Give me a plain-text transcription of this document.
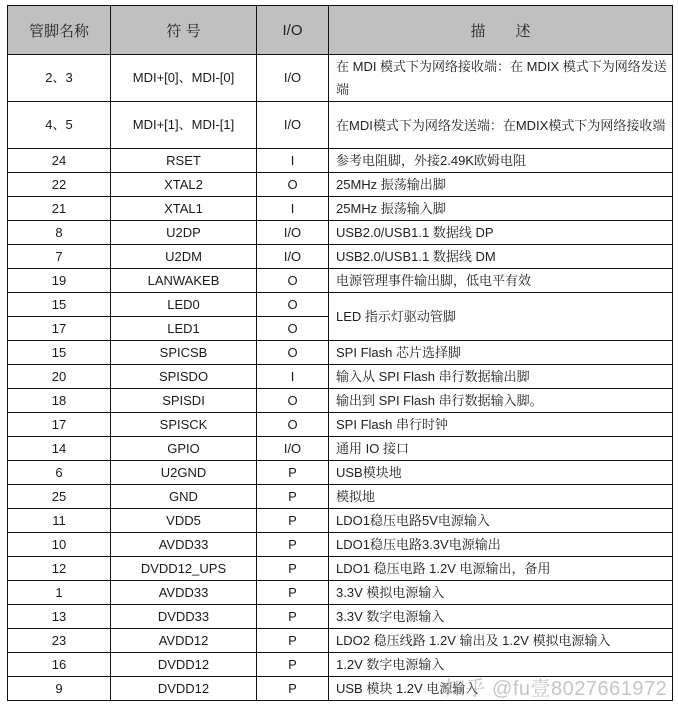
管脚名称	符 号	I/O	描　　述
2、3	MDI+[0]、MDI-[0]	I/O	在 MDI 模式下为网络接收端：在 MDIX 模式下为网络发送端
4、5	MDI+[1]、MDI-[1]	I/O	在MDI模式下为网络发送端：在MDIX模式下为网络接收端
24	RSET	I	参考电阻脚，外接2.49K欧姆电阻
22	XTAL2	O	25MHz 振荡输出脚
21	XTAL1	I	25MHz 振荡输入脚
8	U2DP	I/O	USB2.0/USB1.1 数据线 DP
7	U2DM	I/O	USB2.0/USB1.1 数据线 DM
19	LANWAKEB	O	电源管理事件输出脚，低电平有效
15	LED0	O	LED 指示灯驱动管脚
17	LED1	O	
15	SPICSB	O	SPI Flash 芯片选择脚
20	SPISDO	I	输入从 SPI Flash 串行数据输出脚
18	SPISDI	O	输出到 SPI Flash 串行数据输入脚。
17	SPISCK	O	SPI Flash 串行时钟
14	GPIO	I/O	通用 IO 接口
6	U2GND	P	USB模块地
25	GND	P	模拟地
11	VDD5	P	LDO1稳压电路5V电源输入
10	AVDD33	P	LDO1稳压电路3.3V电源输出
12	DVDD12_UPS	P	LDO1 稳压电路 1.2V 电源输出，备用
1	AVDD33	P	3.3V 模拟电源输入
13	DVDD33	P	3.3V 数字电源输入
23	AVDD12	P	LDO2 稳压线路 1.2V 输出及 1.2V 模拟电源输入
16	DVDD12	P	1.2V 数字电源输入
9	DVDD12	P	USB 模块 1.2V 电源输入
知乎 @fu壹8027661972
